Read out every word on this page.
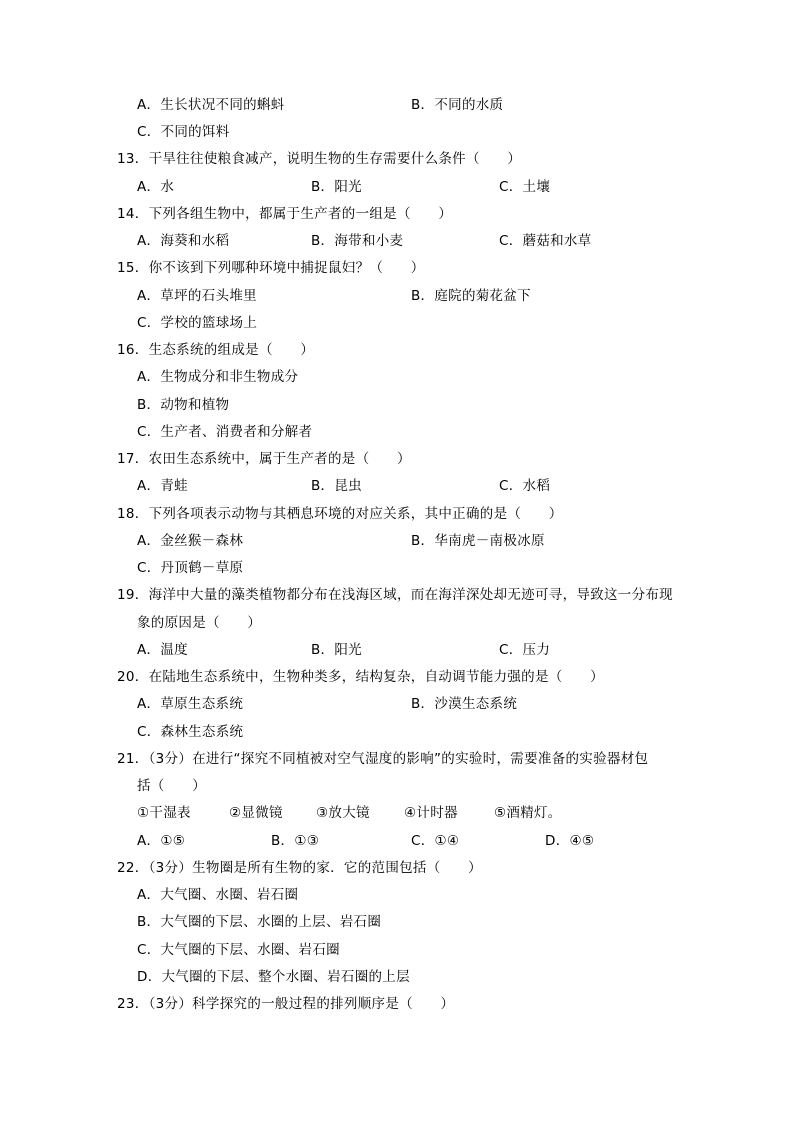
A．生长状况不同的蝌蚪	B．不同的水质
C．不同的饵料
13．干旱往往使粮食减产，说明生物的生存需要什么条件（　　）
A．水	B．阳光	C．土壤
14．下列各组生物中，都属于生产者的一组是（　　）
A．海葵和水稻	B．海带和小麦	C．蘑菇和水草
15．你不该到下列哪种环境中捕捉鼠妇？（　　）
A．草坪的石头堆里	B．庭院的菊花盆下
C．学校的篮球场上
16．生态系统的组成是（　　）
A．生物成分和非生物成分
B．动物和植物
C．生产者、消费者和分解者
17．农田生态系统中，属于生产者的是（　　）
A．青蛙	B．昆虫	C．水稻
18．下列各项表示动物与其栖息环境的对应关系，其中正确的是（　　）
A．金丝猴－森林	B．华南虎－南极冰原
C．丹顶鹤－草原
19．海洋中大量的藻类植物都分布在浅海区域，而在海洋深处却无迹可寻，导致这一分布现
象的原因是（　　）
A．温度	B．阳光	C．压力
20．在陆地生态系统中，生物种类多，结构复杂，自动调节能力强的是（　　）
A．草原生态系统	B．沙漠生态系统
C．森林生态系统
21．（3分）在进行“探究不同植被对空气湿度的影响”的实验时，需要准备的实验器材包
括（　　）
①干湿表	②显微镜 ③放大镜	④计时器	⑤酒精灯。
A．①⑤	B．①③	C．①④	D．④⑤
22．（3分）生物圈是所有生物的家．它的范围包括（　　）
A．大气圈、水圈、岩石圈
B．大气圈的下层、水圈的上层、岩石圈
C．大气圈的下层、水圈、岩石圈
D．大气圈的下层、整个水圈、岩石圈的上层
23．（3分）科学探究的一般过程的排列顺序是（　　）
